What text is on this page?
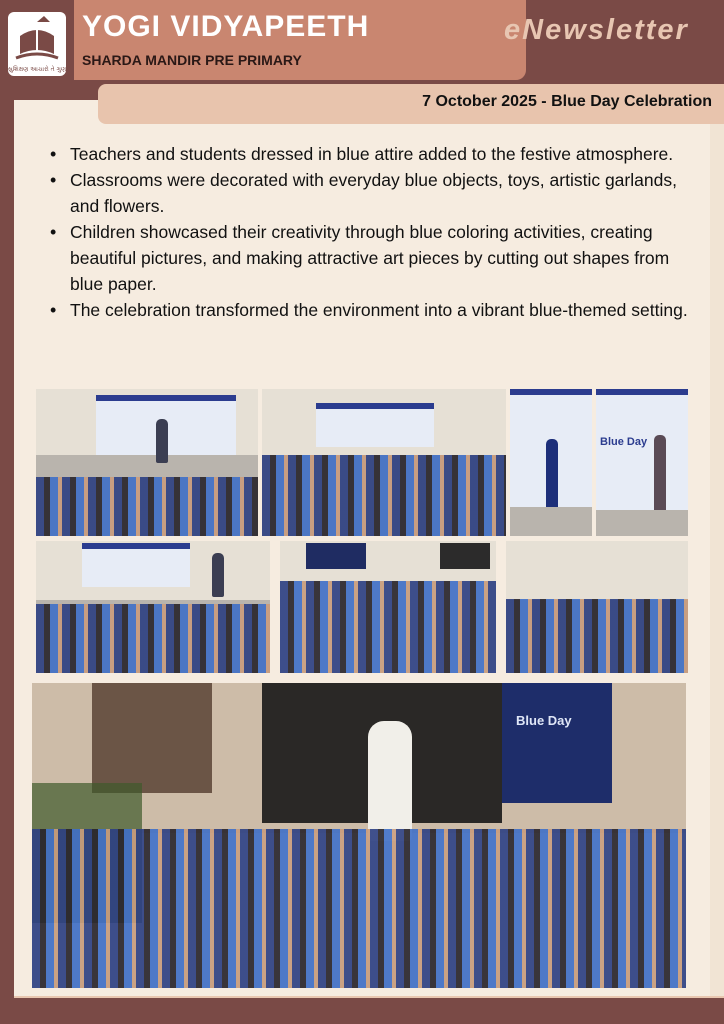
સુશિક્ષણ આચારો તે ગુણ
YOGI VIDYAPEETH
SHARDA MANDIR PRE PRIMARY
eNewsletter
7 October 2025 - Blue Day Celebration
• Teachers and students dressed in blue attire added to the festive atmosphere.
• Classrooms were decorated with everyday blue objects, toys, artistic garlands, and flowers.
• Children showcased their creativity through blue coloring activities, creating beautiful pictures, and making attractive art pieces by cutting out shapes from blue paper.
• The celebration transformed the environment into a vibrant blue-themed setting.
Blue Day
Blue Day
